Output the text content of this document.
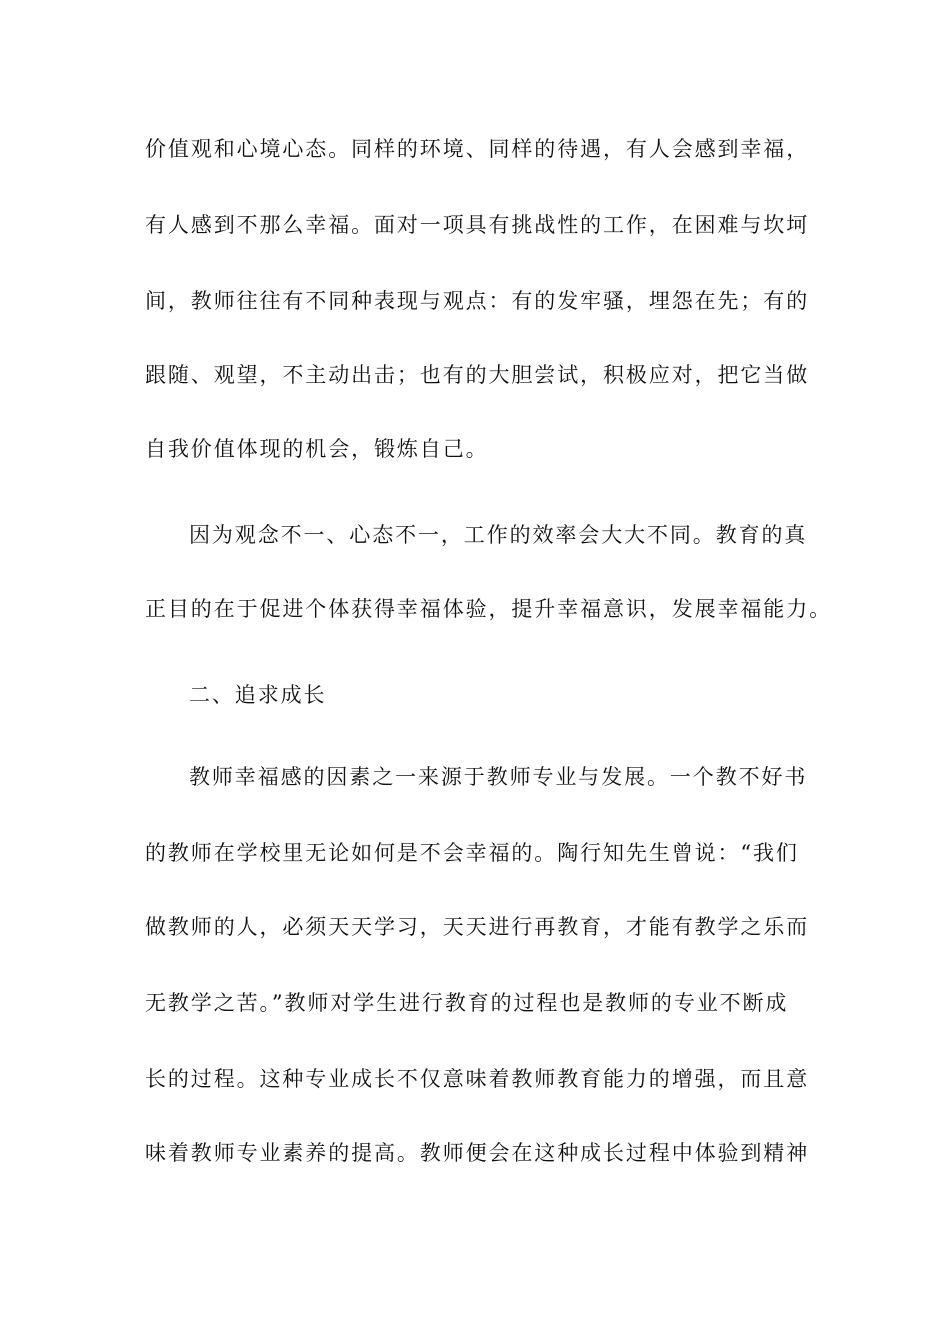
价值观和心境心态。同样的环境、同样的待遇，有人会感到幸福，
有人感到不那么幸福。面对一项具有挑战性的工作，在困难与坎坷
间，教师往往有不同种表现与观点：有的发牢骚，埋怨在先；有的
跟随、观望，不主动出击；也有的大胆尝试，积极应对，把它当做
自我价值体现的机会，锻炼自己。
因为观念不一、心态不一，工作的效率会大大不同。教育的真
正目的在于促进个体获得幸福体验，提升幸福意识，发展幸福能力。
二、追求成长
教师幸福感的因素之一来源于教师专业与发展。一个教不好书
的教师在学校里无论如何是不会幸福的。陶行知先生曾说：“我们
做教师的人，必须天天学习，天天进行再教育，才能有教学之乐而
无教学之苦。”教师对学生进行教育的过程也是教师的专业不断成
长的过程。这种专业成长不仅意味着教师教育能力的增强，而且意
味着教师专业素养的提高。教师便会在这种成长过程中体验到精神
